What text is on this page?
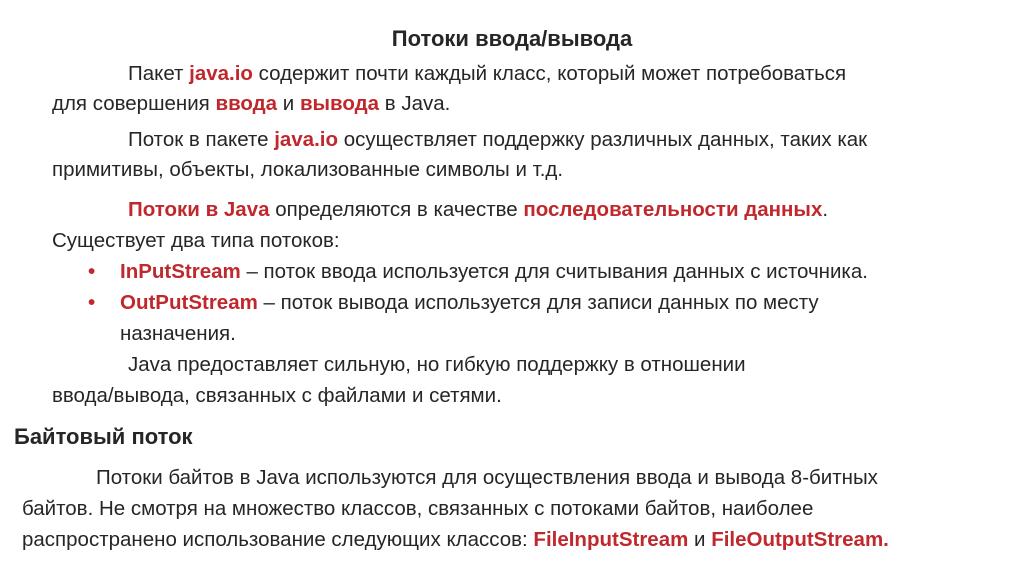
Потоки ввода/вывода
Пакет java.io содержит почти каждый класс, который может потребоваться
для совершения ввода и вывода в Java.
Поток в пакете java.io осуществляет поддержку различных данных, таких как
примитивы, объекты, локализованные символы и т.д.
Потоки в Java определяются в качестве последовательности данных.
Существует два типа потоков:
• InPutStream – поток ввода используется для считывания данных с источника.
• OutPutStream – поток вывода используется для записи данных по месту
назначения.
Java предоставляет сильную, но гибкую поддержку в отношении
ввода/вывода, связанных с файлами и сетями.
Байтовый поток
Потоки байтов в Java используются для осуществления ввода и вывода 8-битных
байтов. Не смотря на множество классов, связанных с потоками байтов, наиболее
распространено использование следующих классов: FileInputStream и FileOutputStream.
